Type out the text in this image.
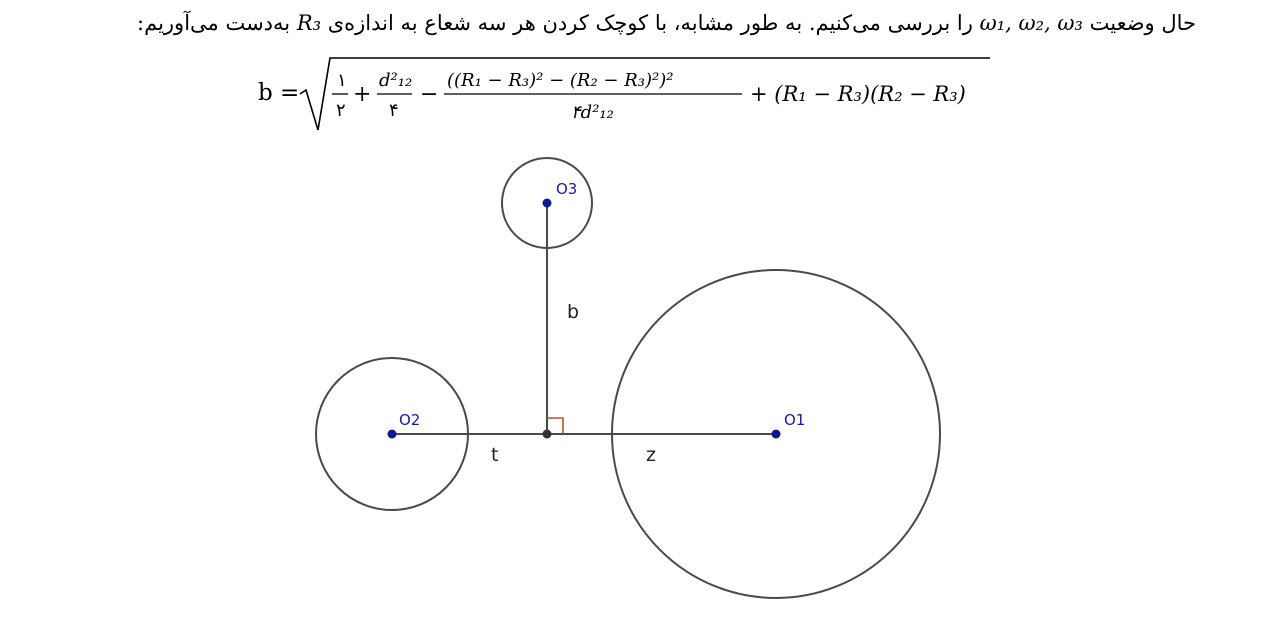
حال وضعیت ω₁, ω₂, ω₃ را بررسی می‌کنیم. به طور مشابه، با کوچک کردن هر سه شعاع به اندازه‌ی R₃ به‌دست می‌آوریم:
b = ۱
۲
+
d²₁₂
۴
−
((R₁ − R₃)² − (R₂ − R₃)²)²
۴d²₁₂
+ (R₁ − R₃)(R₂ − R₃)
O3
O2	O1
b
t	z
